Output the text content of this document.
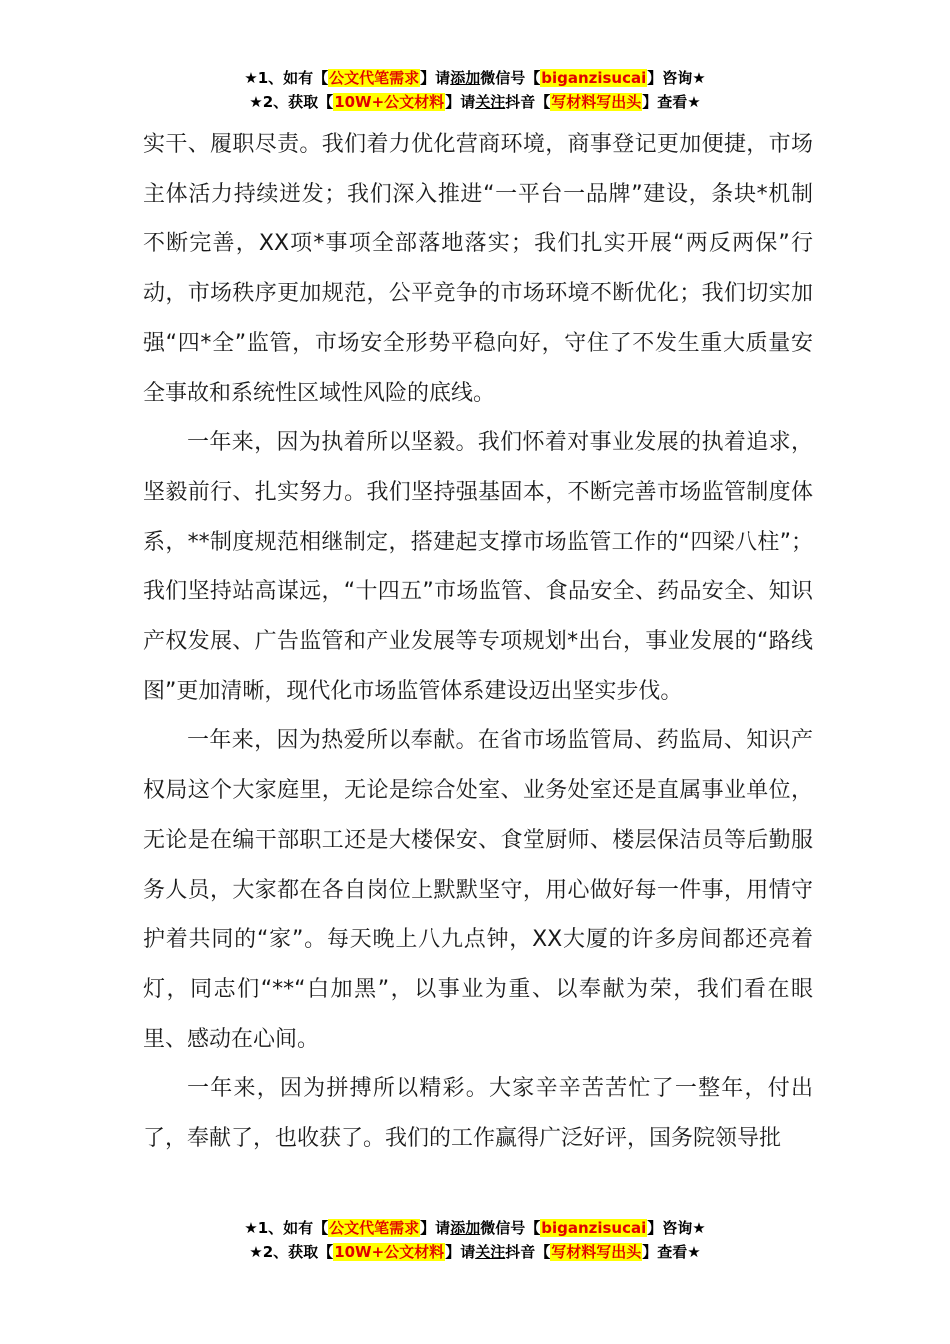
★1、如有【公文代笔需求】请添加微信号【biganzisucai】咨询★
★2、获取【10W+公文材料】请关注抖音【写材料写出头】查看★

实干、履职尽责。我们着力优化营商环境，商事登记更加便捷，市场主体活力持续迸发；我们深入推进“一平台一品牌”建设，条块*机制不断完善，XX项*事项全部落地落实；我们扎实开展“两反两保”行动，市场秩序更加规范，公平竞争的市场环境不断优化；我们切实加强“四*全”监管，市场安全形势平稳向好，守住了不发生重大质量安全事故和系统性区域性风险的底线。

一年来，因为执着所以坚毅。我们怀着对事业发展的执着追求，坚毅前行、扎实努力。我们坚持强基固本，不断完善市场监管制度体系，**制度规范相继制定，搭建起支撑市场监管工作的“四梁八柱”；我们坚持站高谋远，“十四五”市场监管、食品安全、药品安全、知识产权发展、广告监管和产业发展等专项规划*出台，事业发展的“路线图”更加清晰，现代化市场监管体系建设迈出坚实步伐。

一年来，因为热爱所以奉献。在省市场监管局、药监局、知识产权局这个大家庭里，无论是综合处室、业务处室还是直属事业单位，无论是在编干部职工还是大楼保安、食堂厨师、楼层保洁员等后勤服务人员，大家都在各自岗位上默默坚守，用心做好每一件事，用情守护着共同的“家”。每天晚上八九点钟，XX大厦的许多房间都还亮着灯，同志们“**“白加黑”，以事业为重、以奉献为荣，我们看在眼里、感动在心间。

一年来，因为拼搏所以精彩。大家辛辛苦苦忙了一整年，付出了，奉献了，也收获了。我们的工作赢得广泛好评，国务院领导批

★1、如有【公文代笔需求】请添加微信号【biganzisucai】咨询★
★2、获取【10W+公文材料】请关注抖音【写材料写出头】查看★
